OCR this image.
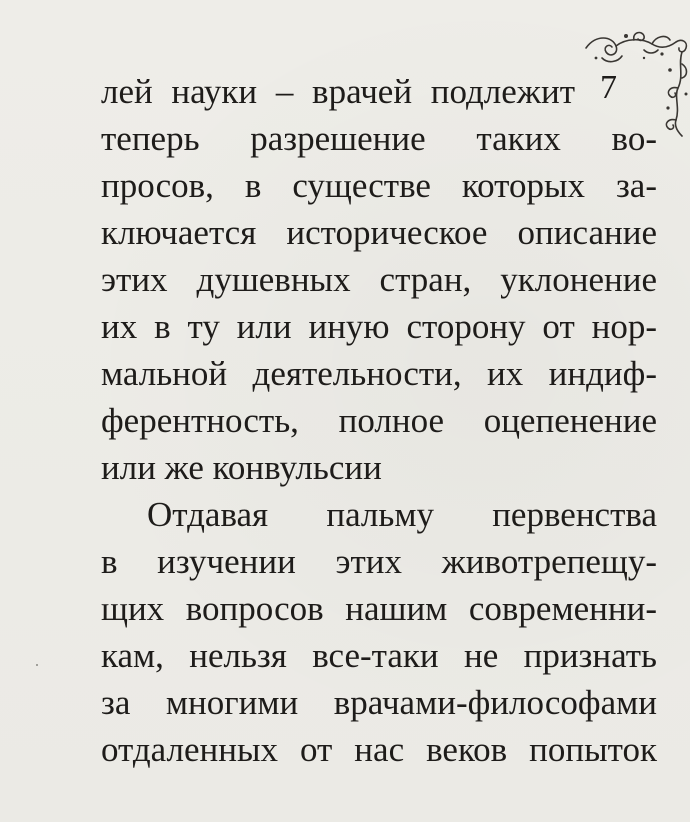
7
лей науки – врачей подлежит
теперь разрешение таких во-
просов, в существе которых за-
ключается историческое описание
этих душевных стран, уклонение
их в ту или иную сторону от нор-
мальной деятельности, их индиф-
ферентность, полное оцепенение
или же конвульсии
Отдавая пальму первенства
в изучении этих животрепещу-
щих вопросов нашим современни-
кам, нельзя все-таки не признать
за многими врачами-философами
отдаленных от нас веков попыток
